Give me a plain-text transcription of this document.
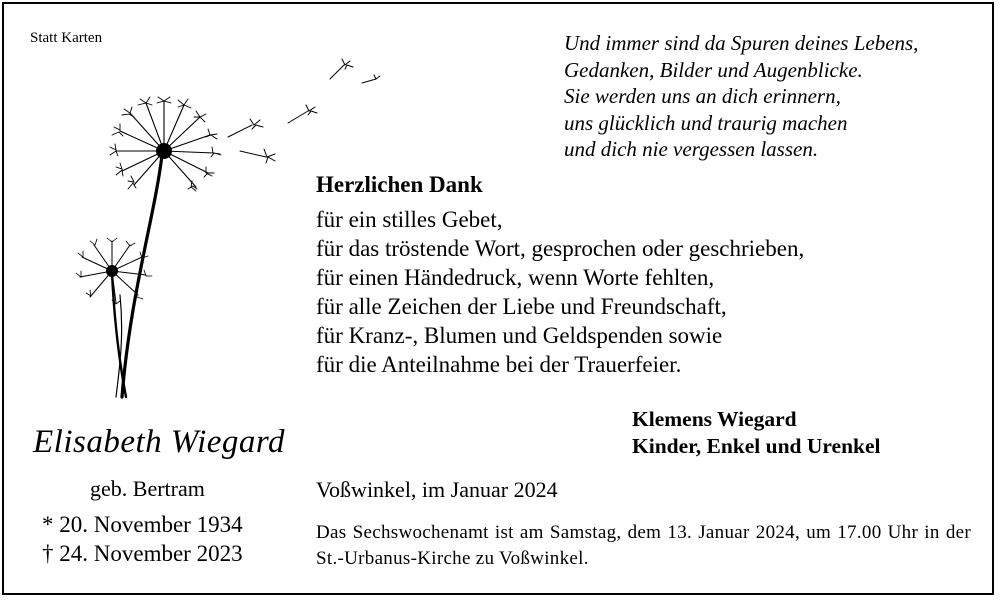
Statt Karten	Und immer sind da Spuren deines Lebens,
Gedanken, Bilder und Augenblicke.
Sie werden uns an dich erinnern,
uns glücklich und traurig machen
und dich nie vergessen lassen.
Herzlichen Dank
für ein stilles Gebet,
für das tröstende Wort, gesprochen oder geschrieben,
für einen Händedruck, wenn Worte fehlten,
für alle Zeichen der Liebe und Freundschaft,
für Kranz-, Blumen und Geldspenden sowie
für die Anteilnahme bei der Trauerfeier.
Klemens Wiegard
Kinder, Enkel und Urenkel
Elisabeth Wiegard
geb. Bertram
* 20. November 1934
† 24. November 2023
Voßwinkel, im Januar 2024
Das Sechswochenamt ist am Samstag, dem 13. Januar 2024, um 17.00 Uhr in der St.-Urbanus-Kirche zu Voßwinkel.
